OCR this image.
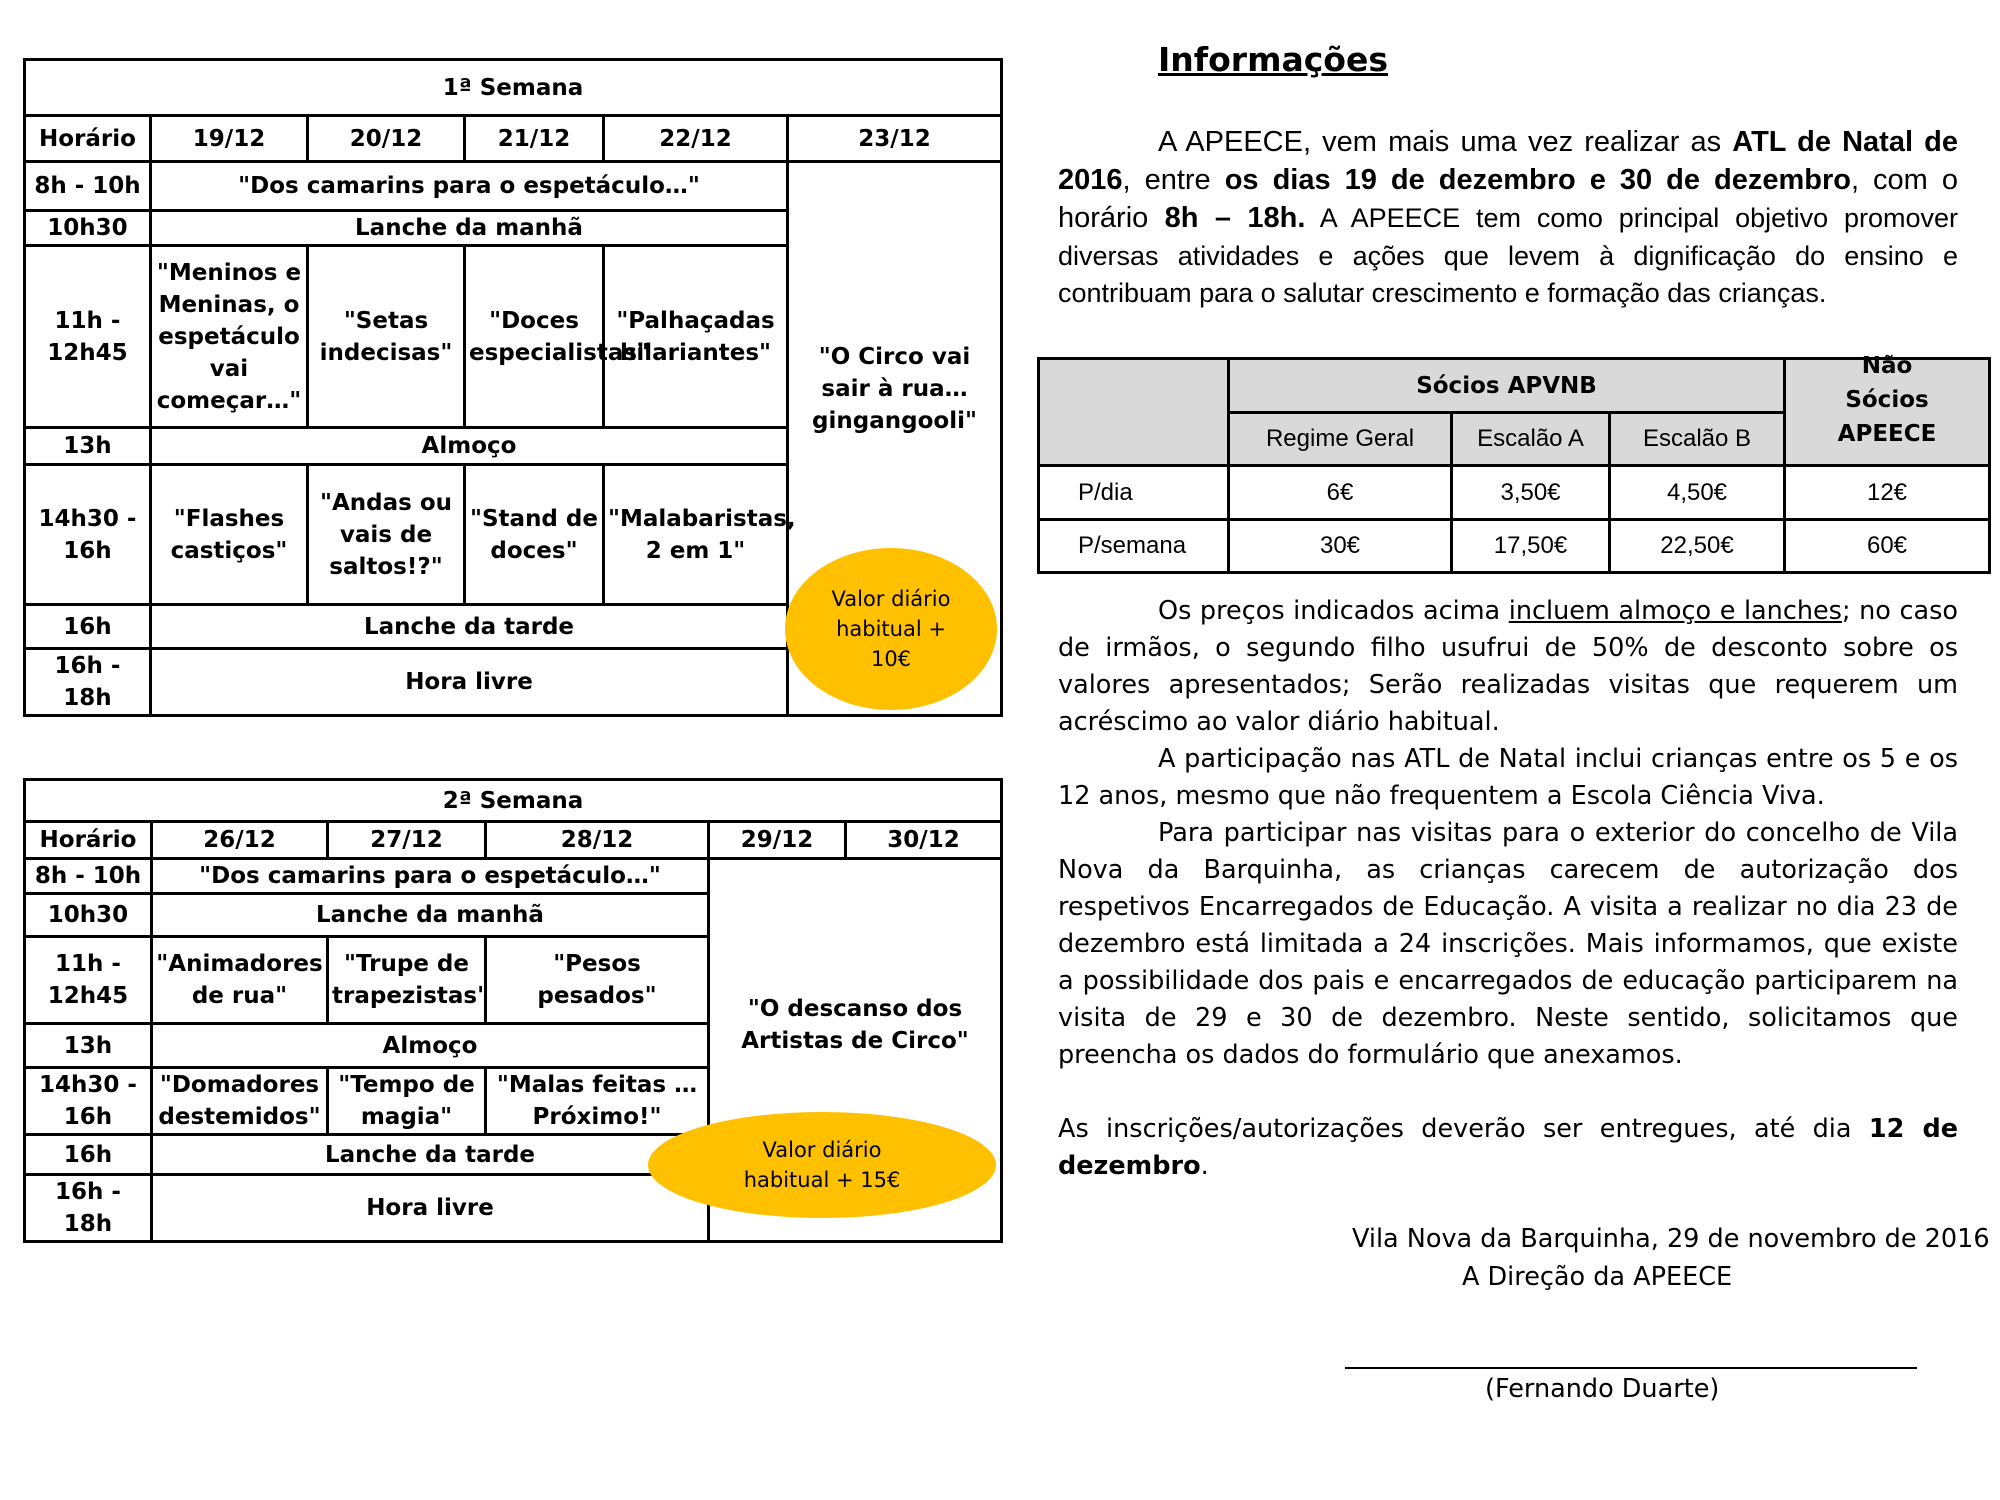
1ª Semana					
Horário	19/12	20/12	21/12	22/12	23/12
8h - 10h	"Dos camarins para o espetáculo…"				"O Circo vai sair à rua…gingangooli"

10h30	Lanche da manhã				
11h - 12h45	"Meninos e Meninas, o espetáculo vai começar…"	"Setas indecisas"	"Doces especialistas"	"Palhaçadas hilariantes"	
13h	Almoço				
14h30 - 16h	"Flashes castiços"	"Andas ou vais de saltos!?"	"Stand de doces"	"Malabaristas, 2 em 1"	
16h	Lanche da tarde				
16h - 18h	Hora livre				
Valor diário habitual + 10€
2ª Semana					
Horário	26/12	27/12	28/12	29/12	30/12
8h - 10h	"Dos camarins para o espetáculo…"			"O descanso dos Artistas de Circo"	

10h30	Lanche da manhã				
11h - 12h45	"Animadores de rua"	"Trupe de trapezistas"	"Pesos pesados"		
13h	Almoço				
14h30 - 16h	"Domadores destemidos"	"Tempo de magia"	"Malas feitas …Próximo!"		
16h	Lanche da tarde				
16h - 18h	Hora livre				
Valor diário habitual + 15€
Informações
A APEECE, vem mais uma vez realizar as ATL de Natal de 2016, entre os dias 19 de dezembro e 30 de dezembro, com o horário 8h – 18h. A APEECE tem como principal objetivo promover diversas atividades e ações que levem à dignificação do ensino e contribuam para o salutar crescimento e formação das crianças.
	Sócios APVNB			Não Sócios APEECE

	Regime Geral	Escalão A	Escalão B	
P/dia	6€	3,50€	4,50€	12€
P/semana	30€	17,50€	22,50€	60€

Os preços indicados acima incluem almoço e lanches; no caso de irmãos, o segundo filho usufrui de 50% de desconto sobre os valores apresentados; Serão realizadas visitas que requerem um acréscimo ao valor diário habitual.

A participação nas ATL de Natal inclui crianças entre os 5 e os 12 anos, mesmo que não frequentem a Escola Ciência Viva.

Para participar nas visitas para o exterior do concelho de Vila Nova da Barquinha, as crianças carecem de autorização dos respetivos Encarregados de Educação. A visita a realizar no dia 23 de dezembro está limitada a 24 inscrições. Mais informamos, que existe a possibilidade dos pais e encarregados de educação participarem na visita de 29 e 30 de dezembro. Neste sentido, solicitamos que preencha os dados do formulário que anexamos.

As inscrições/autorizações deverão ser entregues, até dia 12 de dezembro.

Vila Nova da Barquinha, 29 de novembro de 2016
A Direção da APEECE
(Fernando Duarte)
